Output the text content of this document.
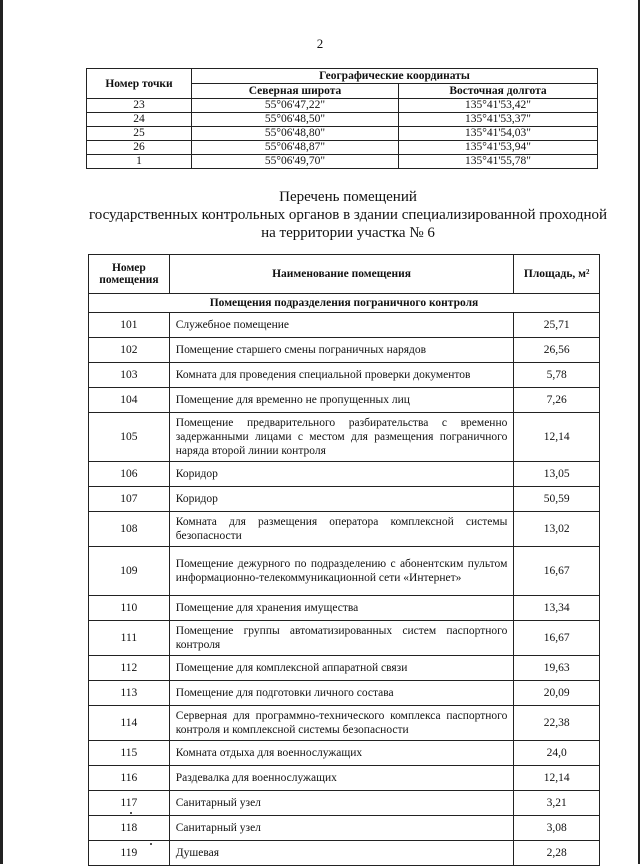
2
Номер точки	Географические координаты	
	Северная широта	Восточная долгота
23	55°06'47,22"	135°41'53,42"
24	55°06'48,50"	135°41'53,37"
25	55°06'48,80"	135°41'54,03"
26	55°06'48,87"	135°41'53,94"
1	55°06'49,70"	135°41'55,78"
Перечень помещений
государственных контрольных органов в здании специализированной проходной
на территории участка № 6
Номер помещения	Наименование помещения	Площадь, м²
Помещения подразделения пограничного контроля		
101	Служебное помещение	25,71
102	Помещение старшего смены пограничных нарядов	26,56
103	Комната для проведения специальной проверки документов	5,78
104	Помещение для временно не пропущенных лиц	7,26
105	Помещение предварительного разбирательства с временно задержанными лицами с местом для размещения пограничного наряда второй линии контроля	12,14
106	Коридор	13,05
107	Коридор	50,59
108	Комната для размещения оператора комплексной системы безопасности	13,02
109	Помещение дежурного по подразделению с абонентским пультом информационно-телекоммуникационной сети «Интернет»	16,67
110	Помещение для хранения имущества	13,34
111	Помещение группы автоматизированных систем паспортного контроля	16,67
112	Помещение для комплексной аппаратной связи	19,63
113	Помещение для подготовки личного состава	20,09
114	Серверная для программно-технического комплекса паспортного контроля и комплексной системы безопасности	22,38
115	Комната отдыха для военнослужащих	24,0
116	Раздевалка для военнослужащих	12,14
117	Санитарный узел	3,21
118	Санитарный узел	3,08
119	Душевая	2,28
